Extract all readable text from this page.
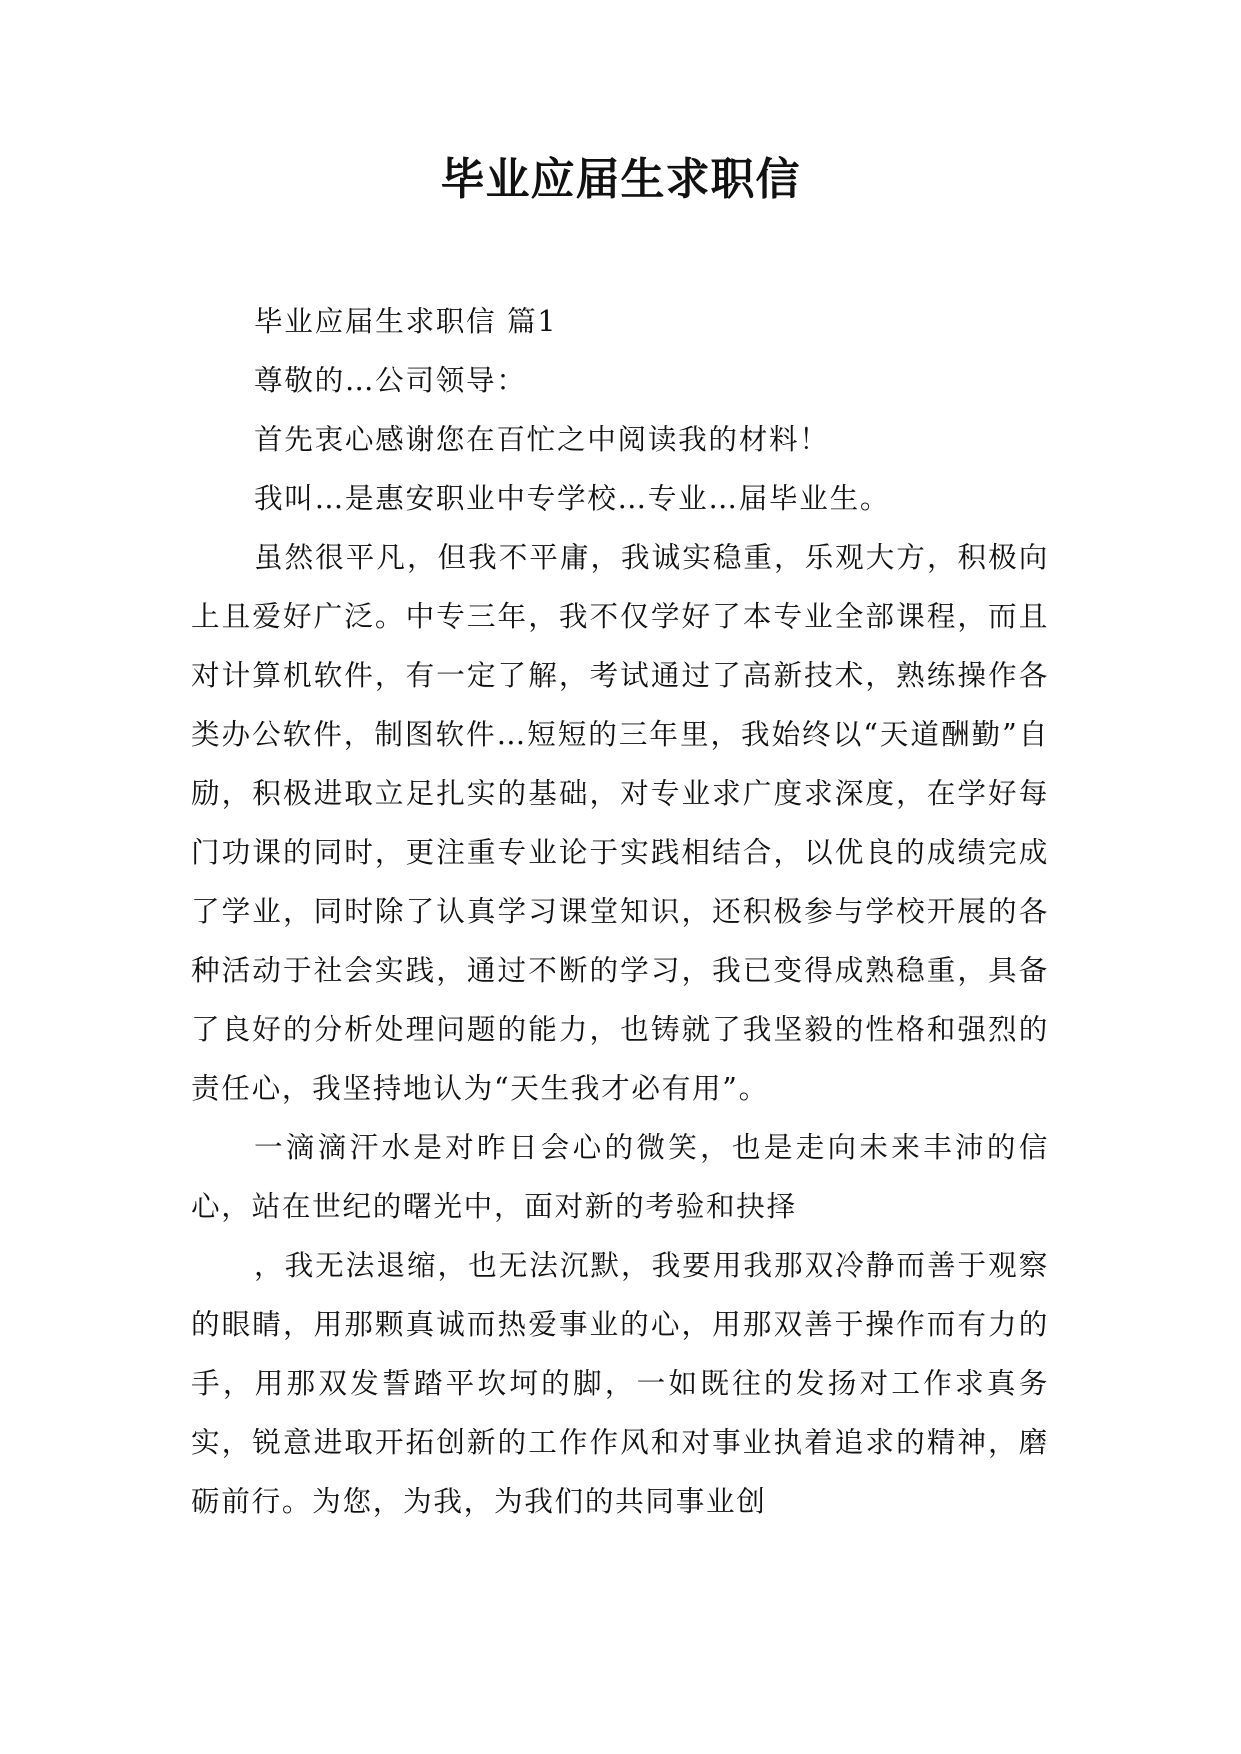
毕业应届生求职信

毕业应届生求职信 篇1

尊敬的…公司领导：

首先衷心感谢您在百忙之中阅读我的材料！

我叫…是惠安职业中专学校…专业…届毕业生。

虽然很平凡，但我不平庸，我诚实稳重，乐观大方，积极向上且爱好广泛。中专三年，我不仅学好了本专业全部课程，而且对计算机软件，有一定了解，考试通过了高新技术，熟练操作各类办公软件，制图软件…短短的三年里，我始终以“天道酬勤”自励，积极进取立足扎实的基础，对专业求广度求深度，在学好每门功课的同时，更注重专业论于实践相结合，以优良的成绩完成了学业，同时除了认真学习课堂知识，还积极参与学校开展的各种活动于社会实践，通过不断的学习，我已变得成熟稳重，具备了良好的分析处理问题的能力，也铸就了我坚毅的性格和强烈的责任心，我坚持地认为“天生我才必有用”。

一滴滴汗水是对昨日会心的微笑，也是走向未来丰沛的信心，站在世纪的曙光中，面对新的考验和抉择

，我无法退缩，也无法沉默，我要用我那双冷静而善于观察的眼睛，用那颗真诚而热爱事业的心，用那双善于操作而有力的手，用那双发誓踏平坎坷的脚，一如既往的发扬对工作求真务实，锐意进取开拓创新的工作作风和对事业执着追求的精神，磨砺前行。为您，为我，为我们的共同事业创
